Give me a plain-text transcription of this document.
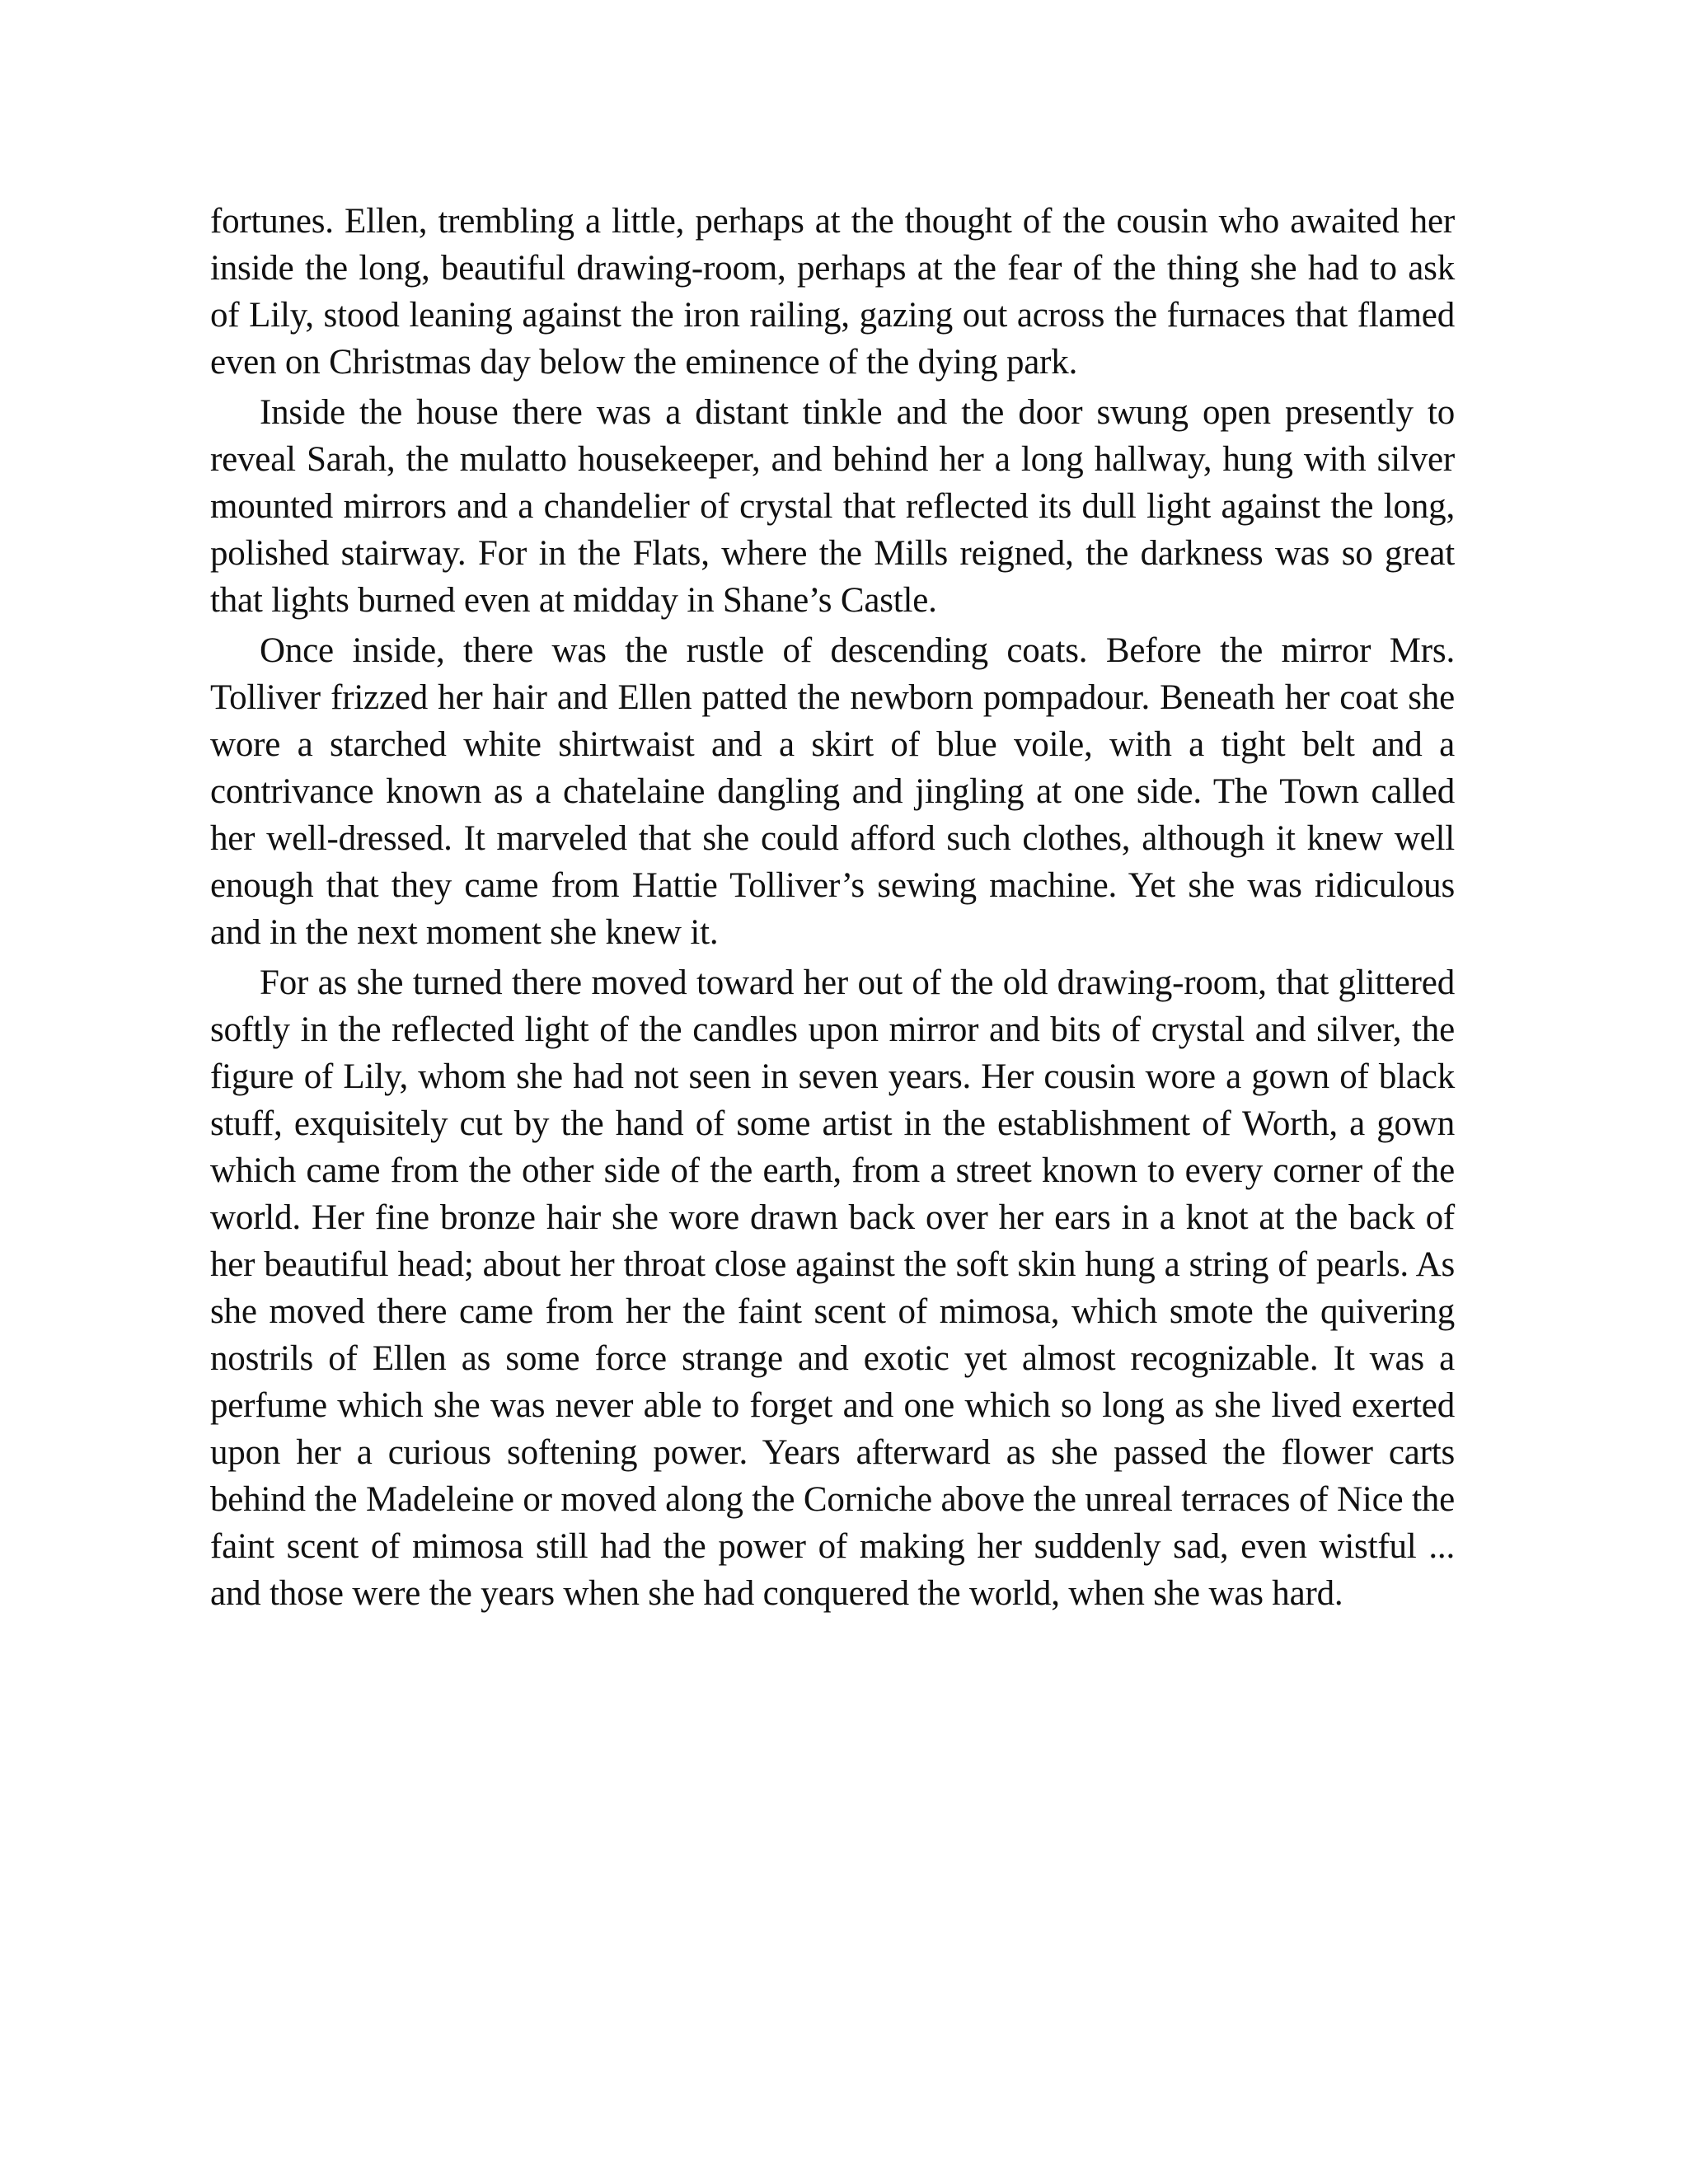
fortunes. Ellen, trembling a little, perhaps at the thought of the cousin who awaited her inside the long, beautiful drawing-room, perhaps at the fear of the thing she had to ask of Lily, stood leaning against the iron railing, gazing out across the furnaces that flamed even on Christmas day below the eminence of the dying park.

Inside the house there was a distant tinkle and the door swung open presently to reveal Sarah, the mulatto housekeeper, and behind her a long hallway, hung with silver mounted mirrors and a chandelier of crystal that reflected its dull light against the long, polished stairway. For in the Flats, where the Mills reigned, the darkness was so great that lights burned even at midday in Shane’s Castle.

Once inside, there was the rustle of descending coats. Before the mirror Mrs. Tolliver frizzed her hair and Ellen patted the newborn pompadour. Beneath her coat she wore a starched white shirtwaist and a skirt of blue voile, with a tight belt and a contrivance known as a chatelaine dangling and jingling at one side. The Town called her well-dressed. It marveled that she could afford such clothes, although it knew well enough that they came from Hattie Tolliver’s sewing machine. Yet she was ridiculous and in the next moment she knew it.

For as she turned there moved toward her out of the old drawing-room, that glittered softly in the reflected light of the candles upon mirror and bits of crystal and silver, the figure of Lily, whom she had not seen in seven years. Her cousin wore a gown of black stuff, exquisitely cut by the hand of some artist in the establishment of Worth, a gown which came from the other side of the earth, from a street known to every corner of the world. Her fine bronze hair she wore drawn back over her ears in a knot at the back of her beautiful head; about her throat close against the soft skin hung a string of pearls. As she moved there came from her the faint scent of mimosa, which smote the quivering nostrils of Ellen as some force strange and exotic yet almost recognizable. It was a perfume which she was never able to forget and one which so long as she lived exerted upon her a curious softening power. Years afterward as she passed the flower carts behind the Madeleine or moved along the Corniche above the unreal terraces of Nice the faint scent of mimosa still had the power of making her suddenly sad, even wistful ... and those were the years when she had conquered the world, when she was hard.
